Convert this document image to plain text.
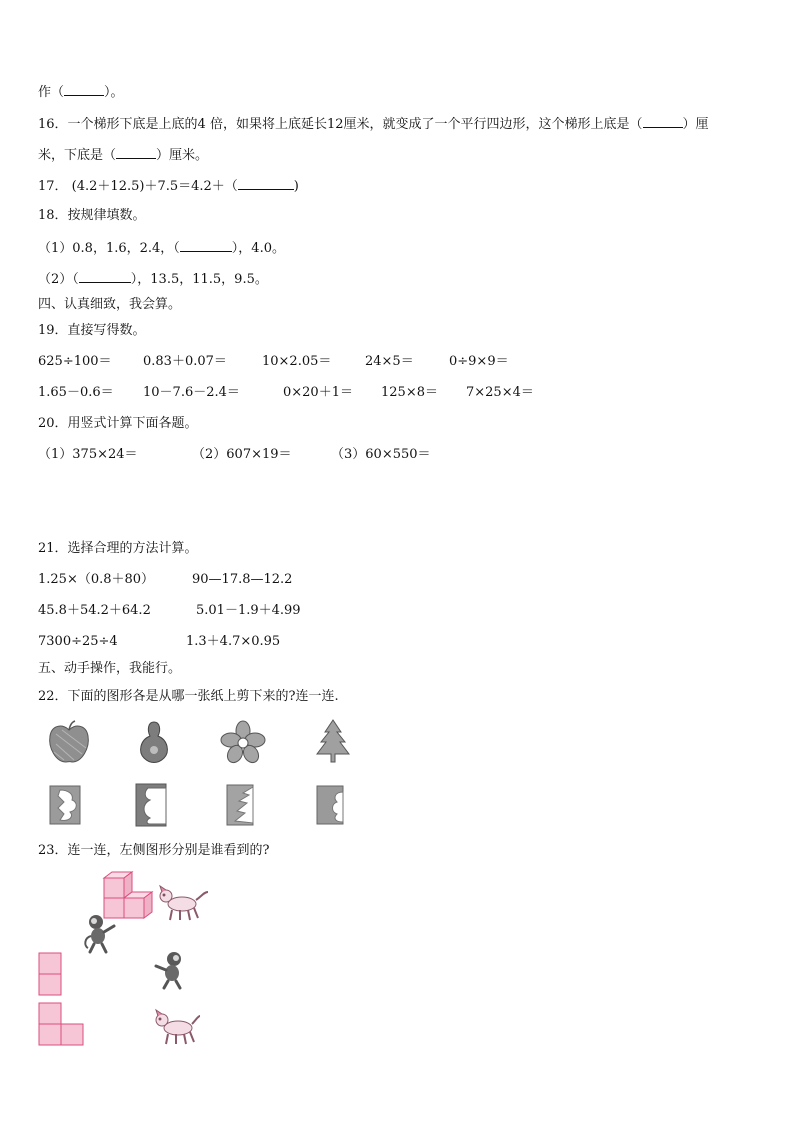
作（	）。
16．一个梯形下底是上底的4 倍，如果将上底延长12厘米，就变成了一个平行四边形，这个梯形上底是（	）厘
米，下底是（	）厘米。
17． (4.2＋12.5)＋7.5＝4.2＋（	)
18．按规律填数。
（1）0.8，1.6，2.4，（	），4.0。
（2）（	），13.5，11.5，9.5。
四、认真细致，我会算。
19．直接写得数。
625÷100＝ 0.83＋0.07＝	10×2.05＝	24×5＝	0÷9×9＝
1.65－0.6＝ 10－7.6－2.4＝	0×20＋1＝ 125×8＝ 7×25×4＝
20．用竖式计算下面各题。
（1）375×24＝	（2）607×19＝	（3）60×550＝
21．选择合理的方法计算。
1.25×（0.8＋80）	90—17.8—12.2
45.8＋54.2＋64.2	5.01－1.9＋4.99
7300÷25÷4	1.3＋4.7×0.95
五、动手操作，我能行。
22．下面的图形各是从哪一张纸上剪下来的?连一连.
23．连一连，左侧图形分别是谁看到的?
